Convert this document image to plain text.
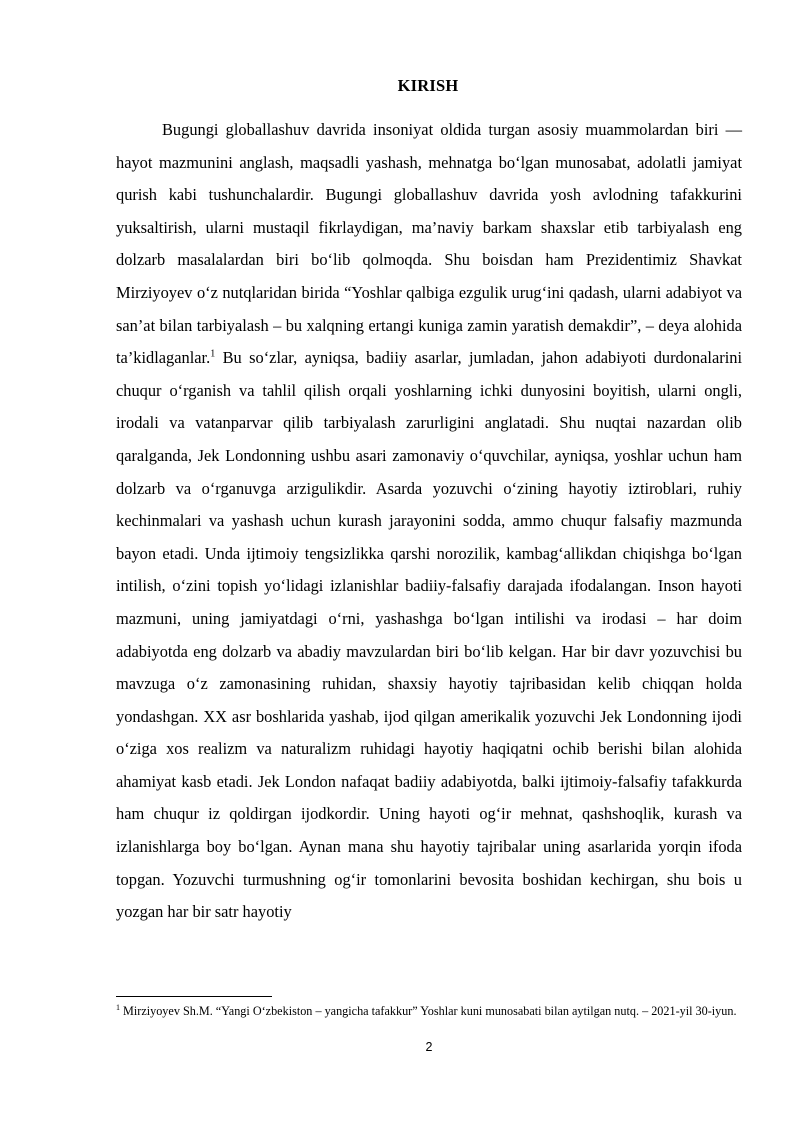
KIRISH

Bugungi globallashuv davrida insoniyat oldida turgan asosiy muammolardan biri — hayot mazmunini anglash, maqsadli yashash, mehnatga bo‘lgan munosabat, adolatli jamiyat qurish kabi tushunchalardir. Bugungi globallashuv davrida yosh avlodning tafakkurini yuksaltirish, ularni mustaqil fikrlaydigan, ma’naviy barkam shaxslar etib tarbiyalash eng dolzarb masalalardan biri bo‘lib qolmoqda. Shu boisdan ham Prezidentimiz Shavkat Mirziyoyev o‘z nutqlaridan birida “Yoshlar qalbiga ezgulik urug‘ini qadash, ularni adabiyot va san’at bilan tarbiyalash – bu xalqning ertangi kuniga zamin yaratish demakdir”, – deya alohida ta’kidlaganlar.$^1$ Bu so‘zlar, ayniqsa, badiiy asarlar, jumladan, jahon adabiyoti durdonalarini chuqur o‘rganish va tahlil qilish orqali yoshlarning ichki dunyosini boyitish, ularni ongli, irodali va vatanparvar qilib tarbiyalash zarurligini anglatadi. Shu nuqtai nazardan olib qaralganda, Jek Londonning ushbu asari zamonaviy o‘quvchilar, ayniqsa, yoshlar uchun ham dolzarb va o‘rganuvga arzigulikdir. Asarda yozuvchi o‘zining hayotiy iztiroblari, ruhiy kechinmalari va yashash uchun kurash jarayonini sodda, ammo chuqur falsafiy mazmunda bayon etadi. Unda ijtimoiy tengsizlikka qarshi norozilik, kambag‘allikdan chiqishga bo‘lgan intilish, o‘zini topish yo‘lidagi izlanishlar badiiy-falsafiy darajada ifodalangan. Inson hayoti mazmuni, uning jamiyatdagi o‘rni, yashashga bo‘lgan intilishi va irodasi – har doim adabiyotda eng dolzarb va abadiy mavzulardan biri bo‘lib kelgan. Har bir davr yozuvchisi bu mavzuga o‘z zamonasining ruhidan, shaxsiy hayotiy tajribasidan kelib chiqqan holda yondashgan. XX asr boshlarida yashab, ijod qilgan amerikalik yozuvchi Jek Londonning ijodi o‘ziga xos realizm va naturalizm ruhidagi hayotiy haqiqatni ochib berishi bilan alohida ahamiyat kasb etadi. Jek London nafaqat badiiy adabiyotda, balki ijtimoiy-falsafiy tafakkurda ham chuqur iz qoldirgan ijodkordir. Uning hayoti og‘ir mehnat, qashshoqlik, kurash va izlanishlarga boy bo‘lgan. Aynan mana shu hayotiy tajribalar uning asarlarida yorqin ifoda topgan. Yozuvchi turmushning og‘ir tomonlarini bevosita boshidan kechirgan, shu bois u yozgan har bir satr hayotiy

$^1$ Mirziyoyev Sh.M. “Yangi O‘zbekiston – yangicha tafakkur” Yoshlar kuni munosabati bilan aytilgan nutq. – 2021-yil 30-iyun.

2
